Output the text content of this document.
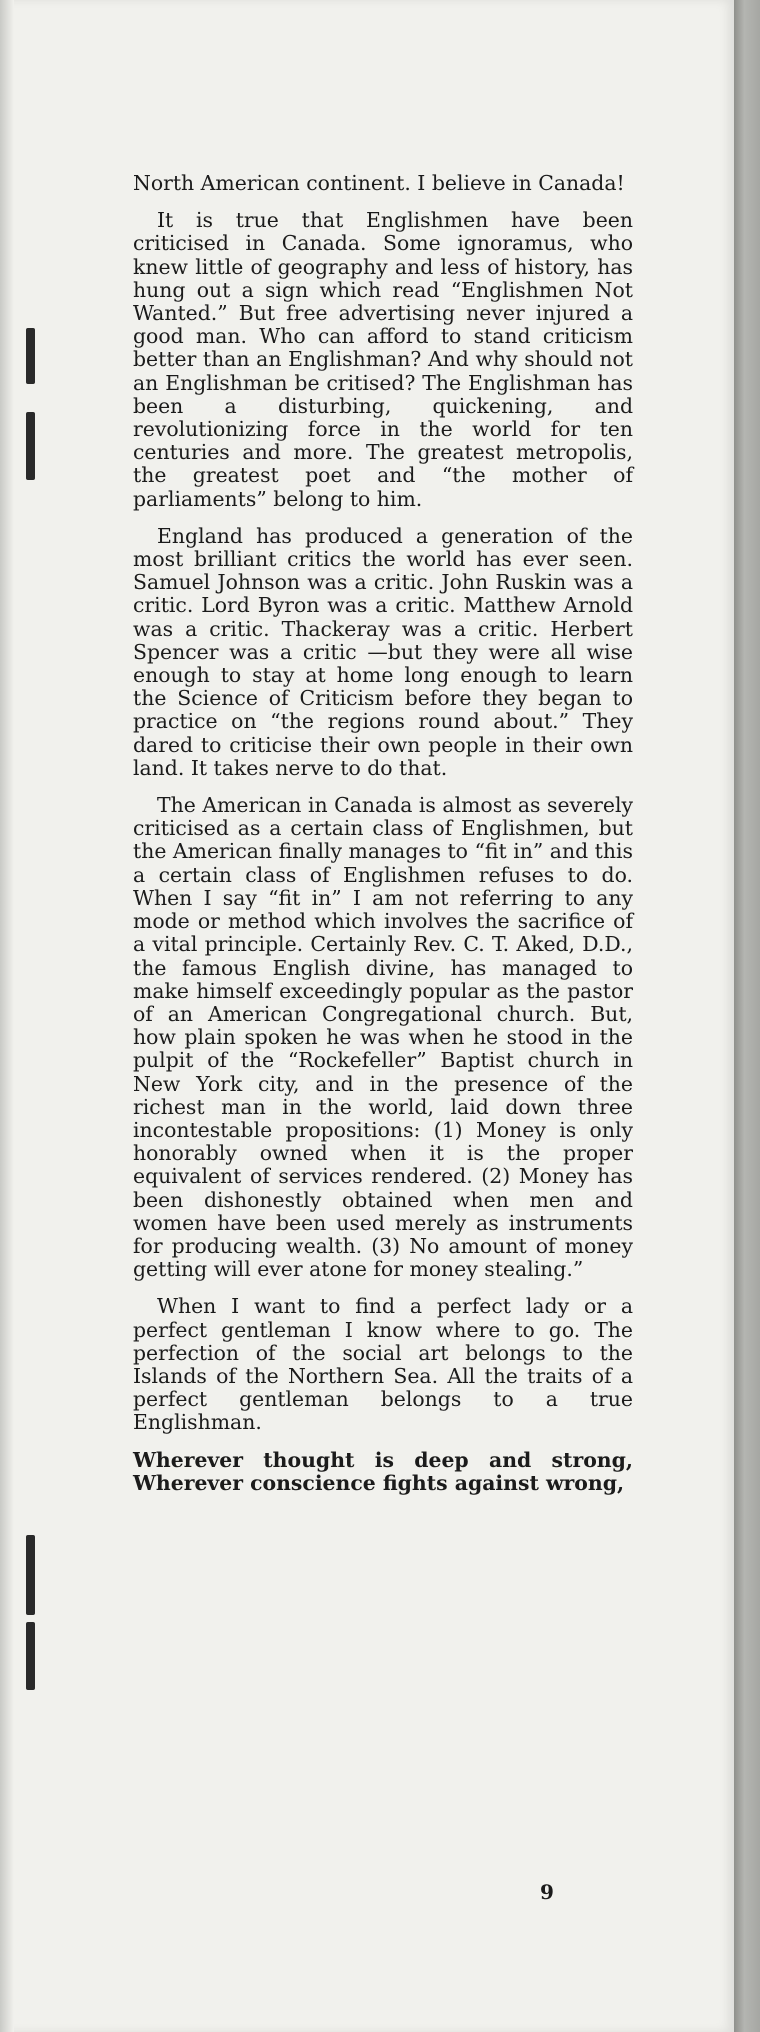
North American continent. I believe in Canada!

It is true that Englishmen have been criticised in Canada. Some ignoramus, who knew little of geography and less of history, has hung out a sign which read “Englishmen Not Wanted.” But free advertising never injured a good man. Who can afford to stand criticism better than an Englishman? And why should not an Englishman be critised? The Englishman has been a disturbing, quickening, and revolutionizing force in the world for ten centuries and more. The greatest metropolis, the greatest poet and “the mother of parliaments” belong to him.

England has produced a generation of the most brilliant critics the world has ever seen. Samuel Johnson was a critic. John Ruskin was a critic. Lord Byron was a critic. Matthew Arnold was a critic. Thackeray was a critic. Herbert Spencer was a critic —but they were all wise enough to stay at home long enough to learn the Science of Criticism before they began to practice on “the regions round about.” They dared to criticise their own people in their own land. It takes nerve to do that.

The American in Canada is almost as severely criticised as a certain class of Englishmen, but the American finally manages to “fit in” and this a certain class of Englishmen refuses to do. When I say “fit in” I am not referring to any mode or method which involves the sacrifice of a vital principle. Certainly Rev. C. T. Aked, D.D., the famous English divine, has managed to make himself exceedingly popular as the pastor of an American Congregational church. But, how plain spoken he was when he stood in the pulpit of the “Rockefeller” Baptist church in New York city, and in the presence of the richest man in the world, laid down three incontestable propositions: (1) Money is only honorably owned when it is the proper equivalent of services rendered. (2) Money has been dishonestly obtained when men and women have been used merely as instruments for producing wealth. (3) No amount of money getting will ever atone for money stealing.”

When I want to find a perfect lady or a perfect gentleman I know where to go. The perfection of the social art belongs to the Islands of the Northern Sea. All the traits of a perfect gentleman belongs to a true Englishman.

Wherever thought is deep and strong, Wherever conscience fights against wrong,

9
